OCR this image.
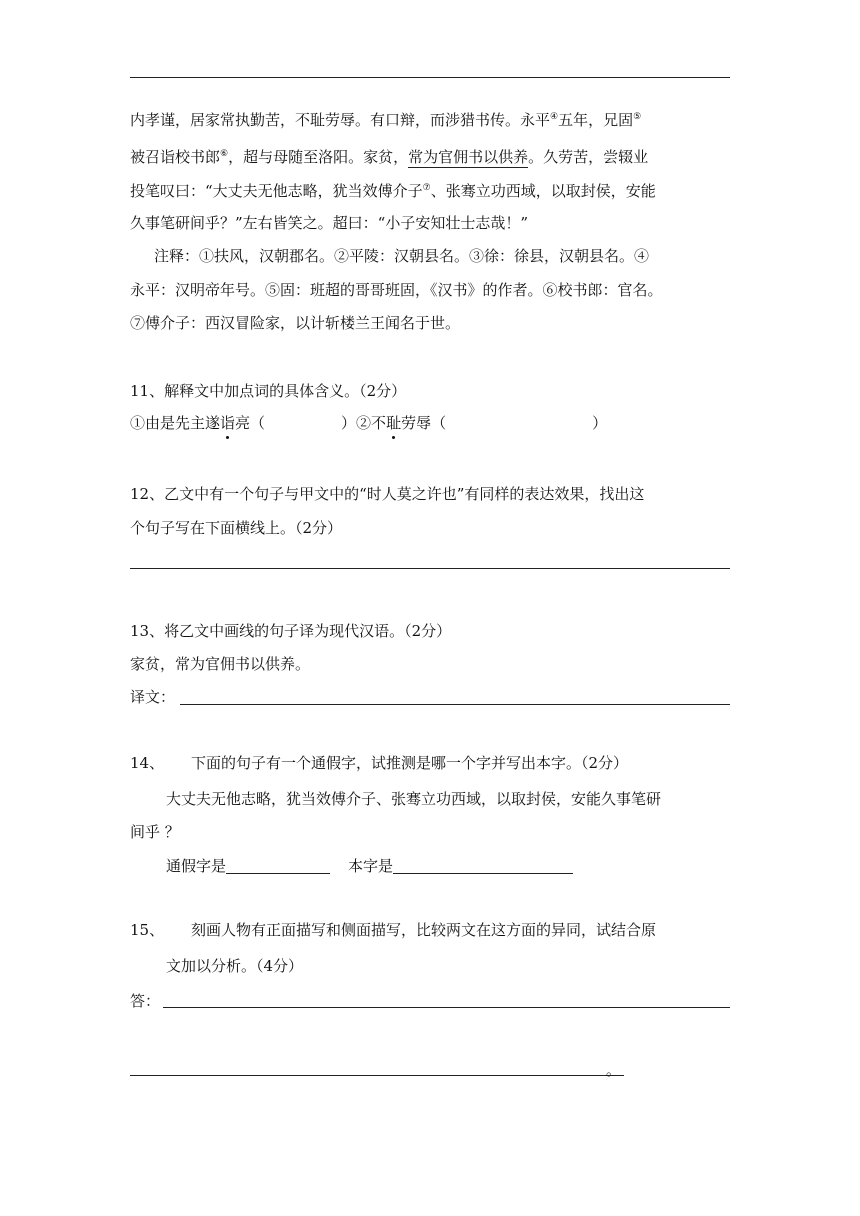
内孝谨，居家常执勤苦，不耻劳辱。有口辩，而涉猎书传。永平④五年，兄固⑤
被召诣校书郎⑥，超与母随至洛阳。家贫，常为官佣书以供养。久劳苦，尝辍业
投笔叹曰：“大丈夫无他志略，犹当效傅介子⑦、张骞立功西域，以取封侯，安能
久事笔研间乎？”左右皆笑之。超曰：“小子安知壮士志哉！”
注释：①扶风，汉朝郡名。②平陵：汉朝县名。③徐：徐县，汉朝县名。④
永平：汉明帝年号。⑤固：班超的哥哥班固，《汉书》的作者。⑥校书郎：官名。
⑦傅介子：西汉冒险家，以计斩楼兰王闻名于世。
11、解释文中加点词的具体含义。（2分）
①由是先主遂诣亮（	）②不耻劳辱（	）
12、乙文中有一个句子与甲文中的“时人莫之许也”有同样的表达效果，找出这
个句子写在下面横线上。（2分）
13、将乙文中画线的句子译为现代汉语。（2分）
家贫，常为官佣书以供养。
译文：
14、 下面的句子有一个通假字，试推测是哪一个字并写出本字。（2分）
大丈夫无他志略，犹当效傅介子、张骞立功西域，以取封侯，安能久事笔研
间乎 ？
通假字是	本字是
15、 刻画人物有正面描写和侧面描写，比较两文在这方面的异同，试结合原
文加以分析。（4分）
答：
。
